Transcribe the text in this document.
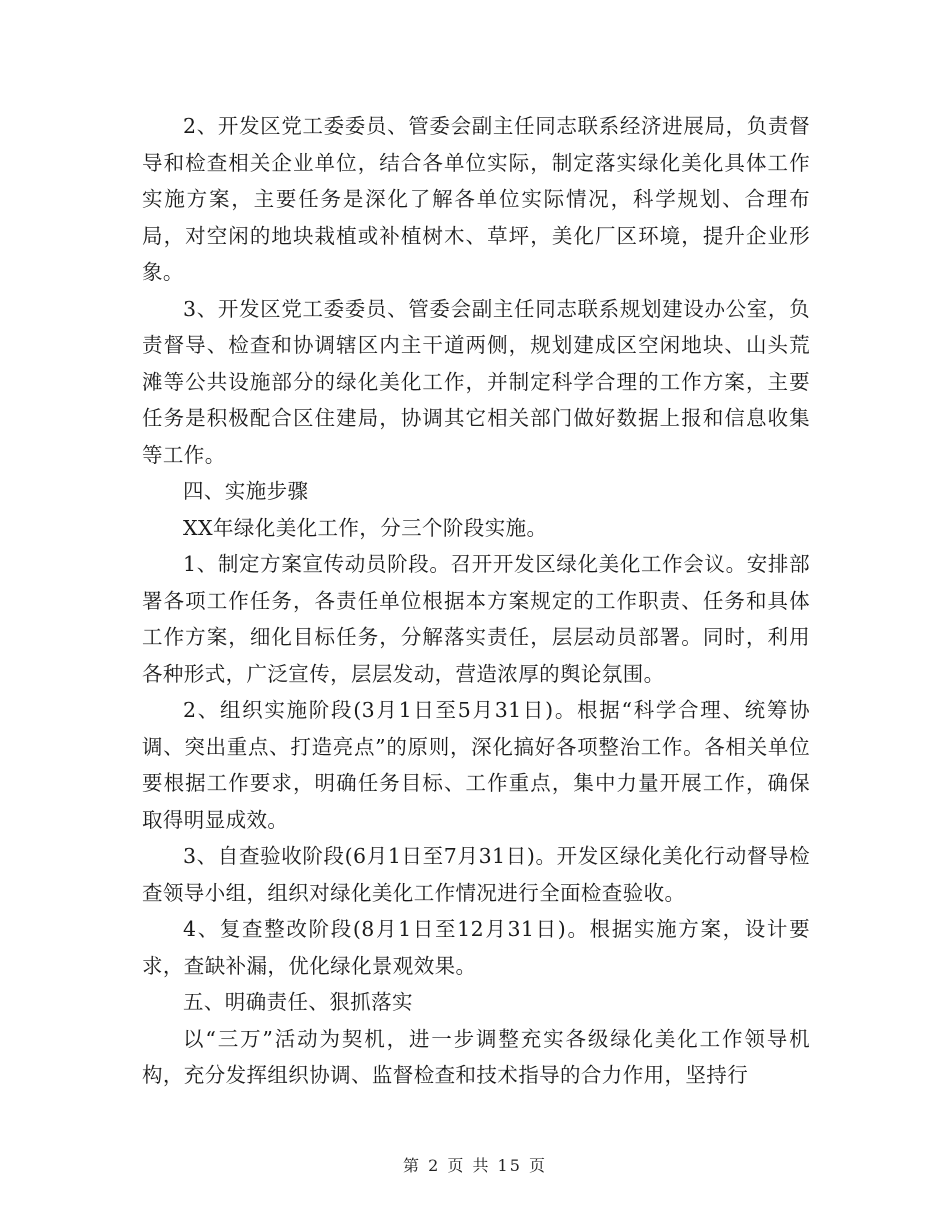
2、开发区党工委委员、管委会副主任同志联系经济进展局，负责督导和检查相关企业单位，结合各单位实际，制定落实绿化美化具体工作实施方案，主要任务是深化了解各单位实际情况，科学规划、合理布局，对空闲的地块栽植或补植树木、草坪，美化厂区环境，提升企业形象。

3、开发区党工委委员、管委会副主任同志联系规划建设办公室，负责督导、检查和协调辖区内主干道两侧，规划建成区空闲地块、山头荒滩等公共设施部分的绿化美化工作，并制定科学合理的工作方案，主要任务是积极配合区住建局，协调其它相关部门做好数据上报和信息收集等工作。

四、实施步骤

XX年绿化美化工作，分三个阶段实施。

1、制定方案宣传动员阶段。召开开发区绿化美化工作会议。安排部署各项工作任务，各责任单位根据本方案规定的工作职责、任务和具体工作方案，细化目标任务，分解落实责任，层层动员部署。同时，利用各种形式，广泛宣传，层层发动，营造浓厚的舆论氛围。

2、组织实施阶段(3月1日至5月31日)。根据“科学合理、统筹协调、突出重点、打造亮点”的原则，深化搞好各项整治工作。各相关单位要根据工作要求，明确任务目标、工作重点，集中力量开展工作，确保取得明显成效。

3、自查验收阶段(6月1日至7月31日)。开发区绿化美化行动督导检查领导小组，组织对绿化美化工作情况进行全面检查验收。

4、复查整改阶段(8月1日至12月31日)。根据实施方案，设计要求，查缺补漏，优化绿化景观效果。

五、明确责任、狠抓落实

以“三万”活动为契机，进一步调整充实各级绿化美化工作领导机构，充分发挥组织协调、监督检查和技术指导的合力作用，坚持行

第 2 页 共 15 页
